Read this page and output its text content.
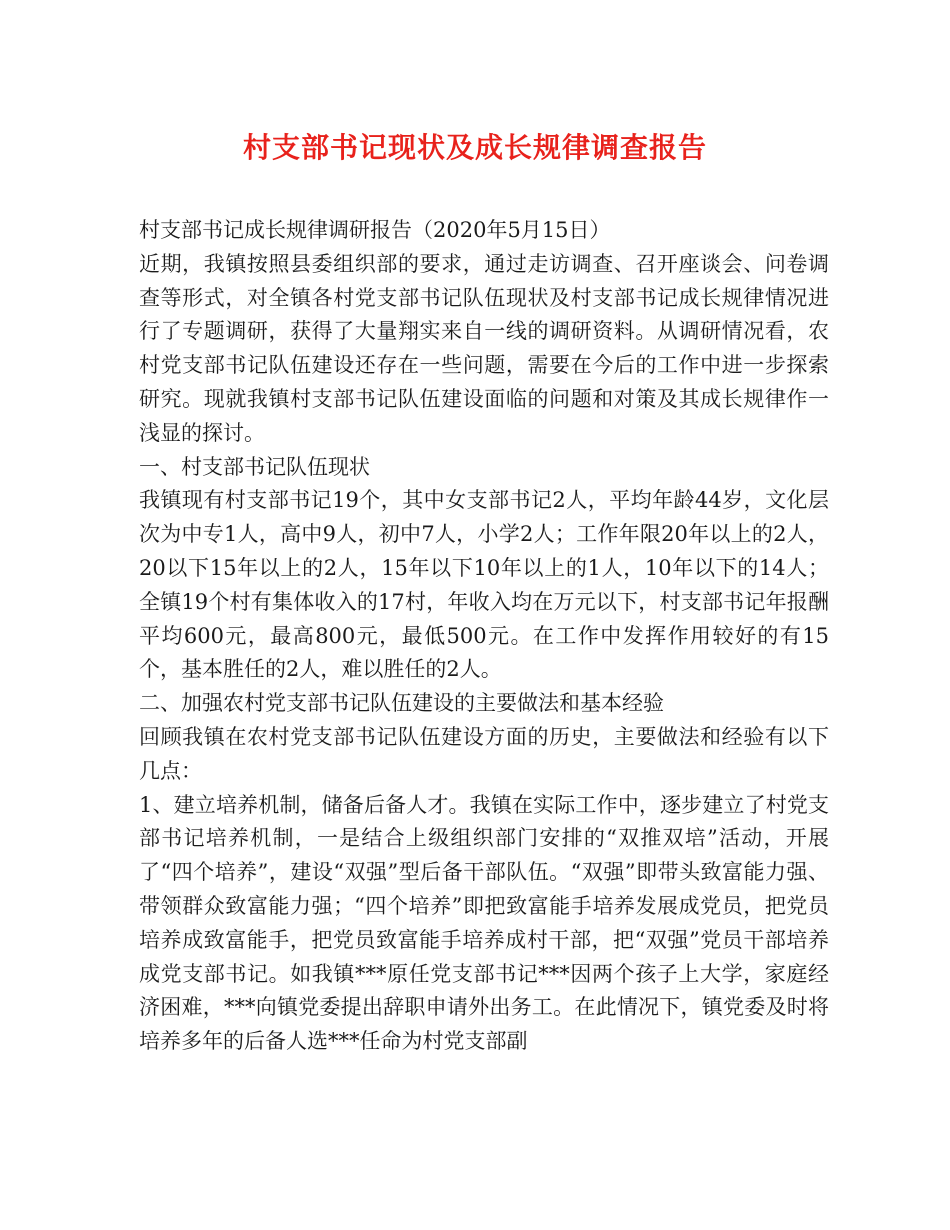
村支部书记现状及成长规律调查报告

村支部书记成长规律调研报告（2020年5月15日）

近期，我镇按照县委组织部的要求，通过走访调查、召开座谈会、问卷调查等形式，对全镇各村党支部书记队伍现状及村支部书记成长规律情况进行了专题调研，获得了大量翔实来自一线的调研资料。从调研情况看，农村党支部书记队伍建设还存在一些问题，需要在今后的工作中进一步探索研究。现就我镇村支部书记队伍建设面临的问题和对策及其成长规律作一浅显的探讨。

一、村支部书记队伍现状

我镇现有村支部书记19个，其中女支部书记2人，平均年龄44岁，文化层次为中专1人，高中9人，初中7人，小学2人；工作年限20年以上的2人，20以下15年以上的2人，15年以下10年以上的1人，10年以下的14人；全镇19个村有集体收入的17村，年收入均在万元以下，村支部书记年报酬平均600元，最高800元，最低500元。在工作中发挥作用较好的有15个，基本胜任的2人，难以胜任的2人。

二、加强农村党支部书记队伍建设的主要做法和基本经验

回顾我镇在农村党支部书记队伍建设方面的历史，主要做法和经验有以下几点：

1、建立培养机制，储备后备人才。我镇在实际工作中，逐步建立了村党支部书记培养机制，一是结合上级组织部门安排的“双推双培”活动，开展了“四个培养”，建设“双强”型后备干部队伍。“双强”即带头致富能力强、带领群众致富能力强；“四个培养”即把致富能手培养发展成党员，把党员培养成致富能手，把党员致富能手培养成村干部，把“双强”党员干部培养成党支部书记。如我镇***原任党支部书记***因两个孩子上大学，家庭经济困难，***向镇党委提出辞职申请外出务工。在此情况下，镇党委及时将培养多年的后备人选***任命为村党支部副
